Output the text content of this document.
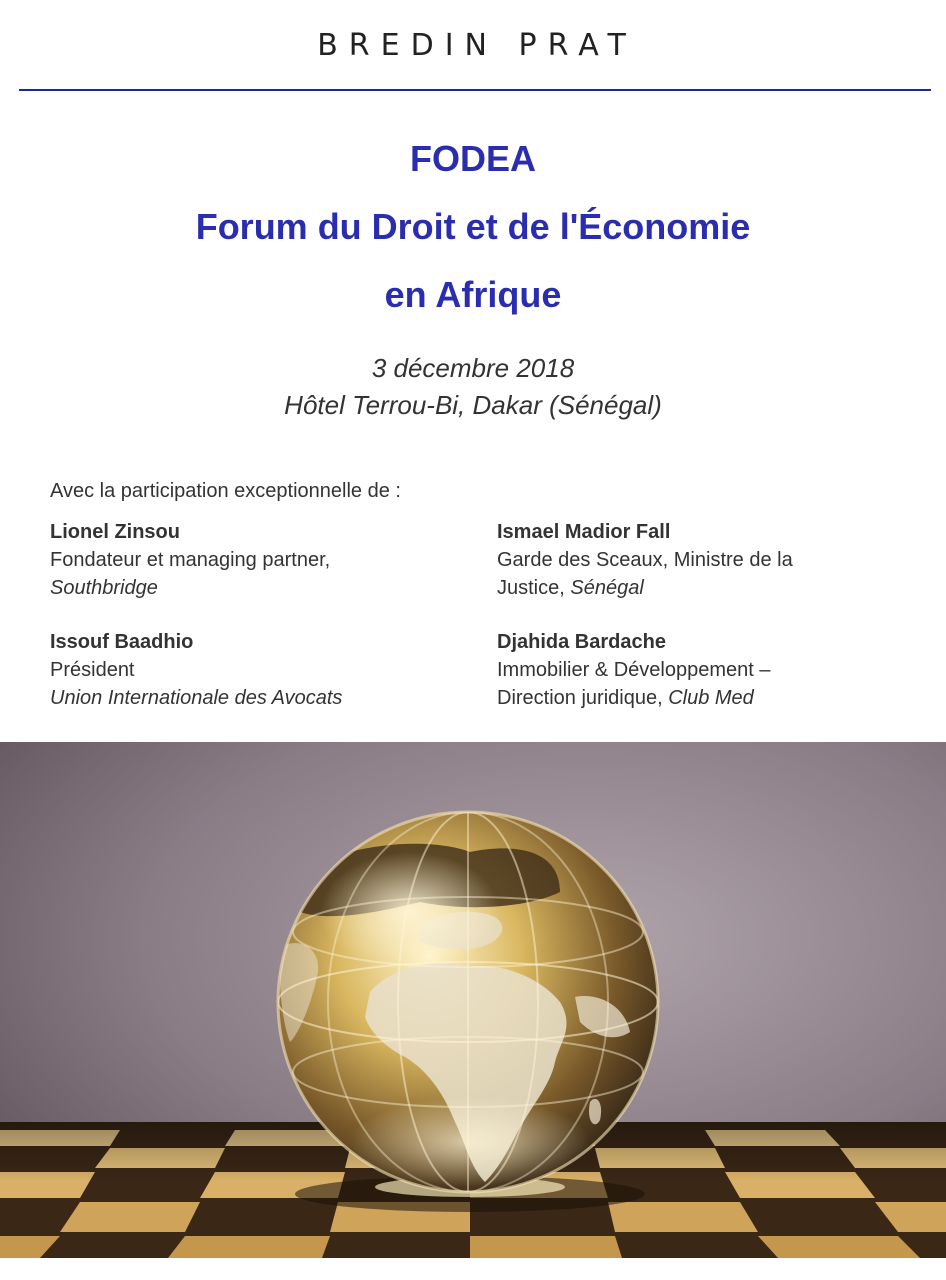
BREDIN PRAT
FODEA
Forum du Droit et de l'Économie
en Afrique
3 décembre 2018
Hôtel Terrou-Bi, Dakar (Sénégal)
Avec la participation exceptionnelle de :
Lionel Zinsou
Fondateur et managing partner,
Southbridge
Ismael Madior Fall
Garde des Sceaux, Ministre de la
Justice, Sénégal
Issouf Baadhio
Président
Union Internationale des Avocats
Djahida Bardache
Immobilier & Développement –
Direction juridique, Club Med
